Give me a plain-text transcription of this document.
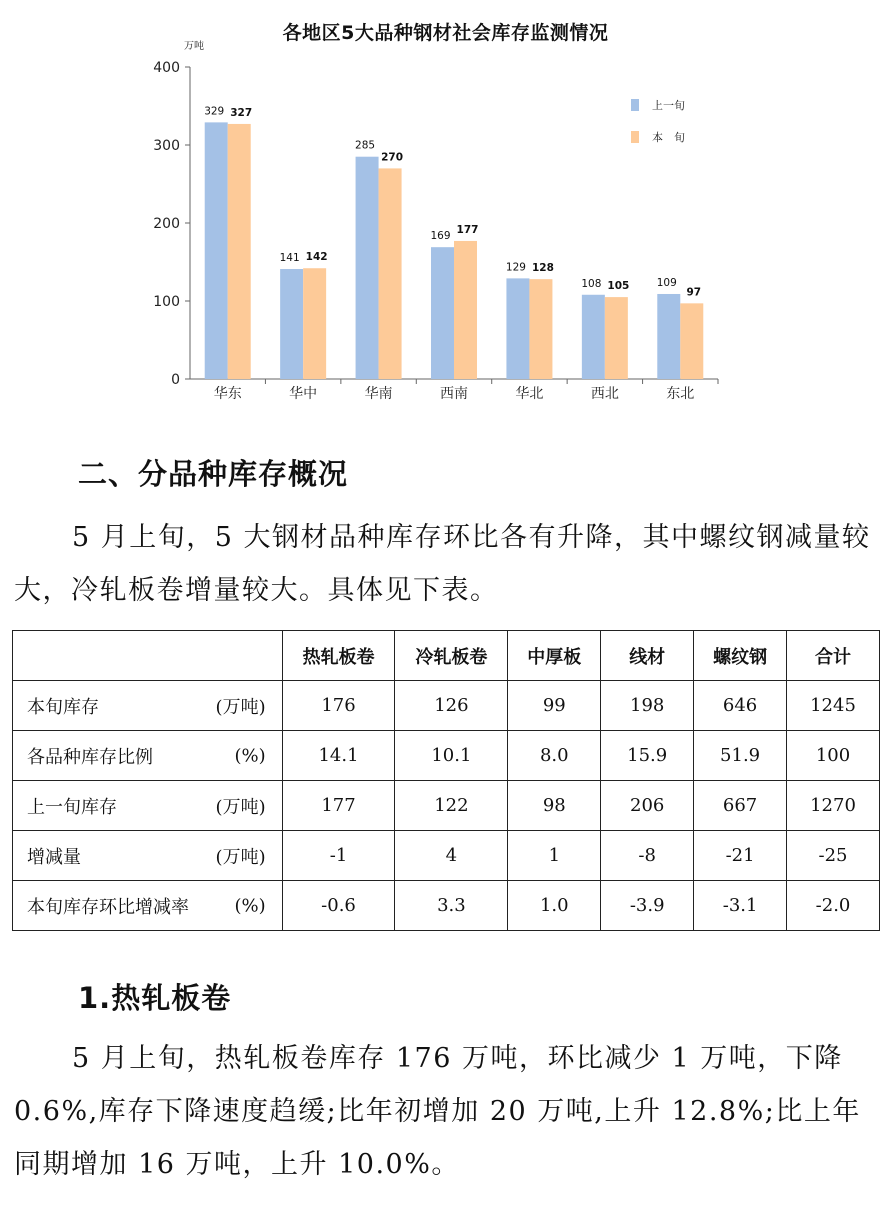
各地区5大品种钢材社会库存监测情况
万吨
0
100
200
300
400
329 327
华东
141 142
华中
285
270
华南
169
177
西南
129 128
华北
108 105
西北
109
97
东北
上一旬
本　旬
二、分品种库存概况
5 月上旬，5 大钢材品种库存环比各有升降，其中螺纹钢减量较大，冷轧板卷增量较大。具体见下表。
	热轧板卷	冷轧板卷	中厚板	线材	螺纹钢	合计
本旬库存 (万吨)	176	126	99	198	646	1245
各品种库存比例 (%)	14.1	10.1	8.0	15.9	51.9	100
上一旬库存 (万吨)	177	122	98	206	667	1270
增减量 (万吨)	-1	4	1	-8	-21	-25
本旬库存环比增减率 (%)	-0.6	3.3	1.0	-3.9	-3.1	-2.0
1.热轧板卷
5 月上旬，热轧板卷库存 176 万吨，环比减少 1 万吨，下降 0.6%,库存下降速度趋缓;比年初增加 20 万吨,上升 12.8%;比上年同期增加 16 万吨，上升 10.0%。
